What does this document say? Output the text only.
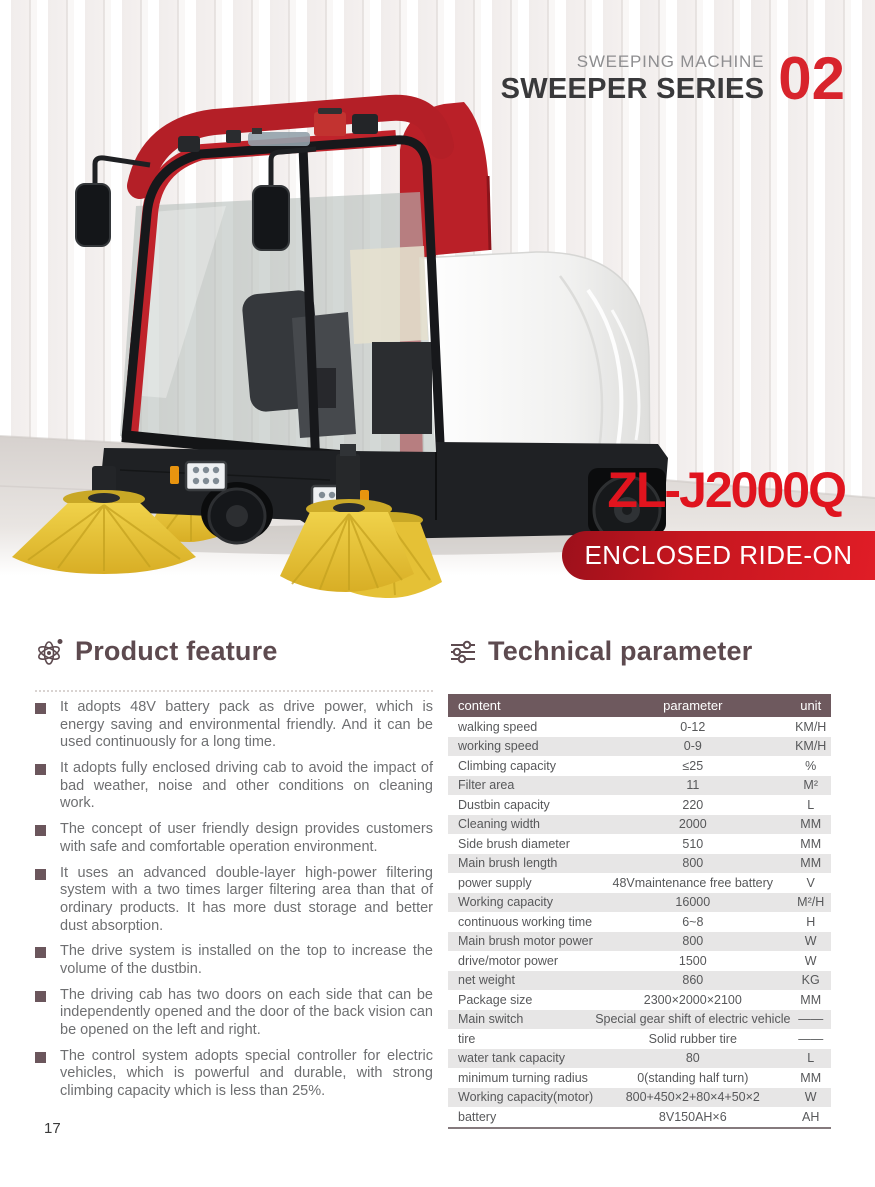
SWEEPING MACHINE
SWEEPER SERIES 02
ZL-J2000Q
ENCLOSED RIDE-ON
Product feature
It adopts 48V battery pack as drive power, which is energy saving and environmental friendly. And it can be used continuously for a long time.
It adopts fully enclosed driving cab to avoid the impact of bad weather, noise and other conditions on cleaning work.
The concept of user friendly design provides customers with safe and comfortable operation environment.
It uses an advanced double-layer high-power filtering system with a two times larger filtering area than that of ordinary products. It has more dust storage and better dust absorption.
The drive system is installed on the top to increase the volume of the dustbin.
The driving cab has two doors on each side that can be independently opened and the door of the back vision can be opened on the left and right.
The control system adopts special controller for electric vehicles, which is powerful and durable, with strong climbing capacity which is less than 25%.
Technical parameter
content	parameter	unit
walking speed	0-12	KM/H
working speed	0-9	KM/H
Climbing capacity	≤25	%
Filter area	11	M²
Dustbin capacity	220	L
Cleaning width	2000	MM
Side brush diameter	510	MM
Main brush length	800	MM
power supply	48Vmaintenance free battery	V
Working capacity	16000	M²/H
continuous working time	6~8	H
Main brush motor power	800	W
drive/motor power	1500	W
net weight	860	KG
Package size	2300×2000×2100	MM
Main switch	Special gear shift of electric vehicle	——
tire	Solid rubber tire	——
water tank capacity	80	L
minimum turning radius	0(standing half turn)	MM
Working capacity(motor)	800+450×2+80×4+50×2	W
battery	8V150AH×6	AH
17
